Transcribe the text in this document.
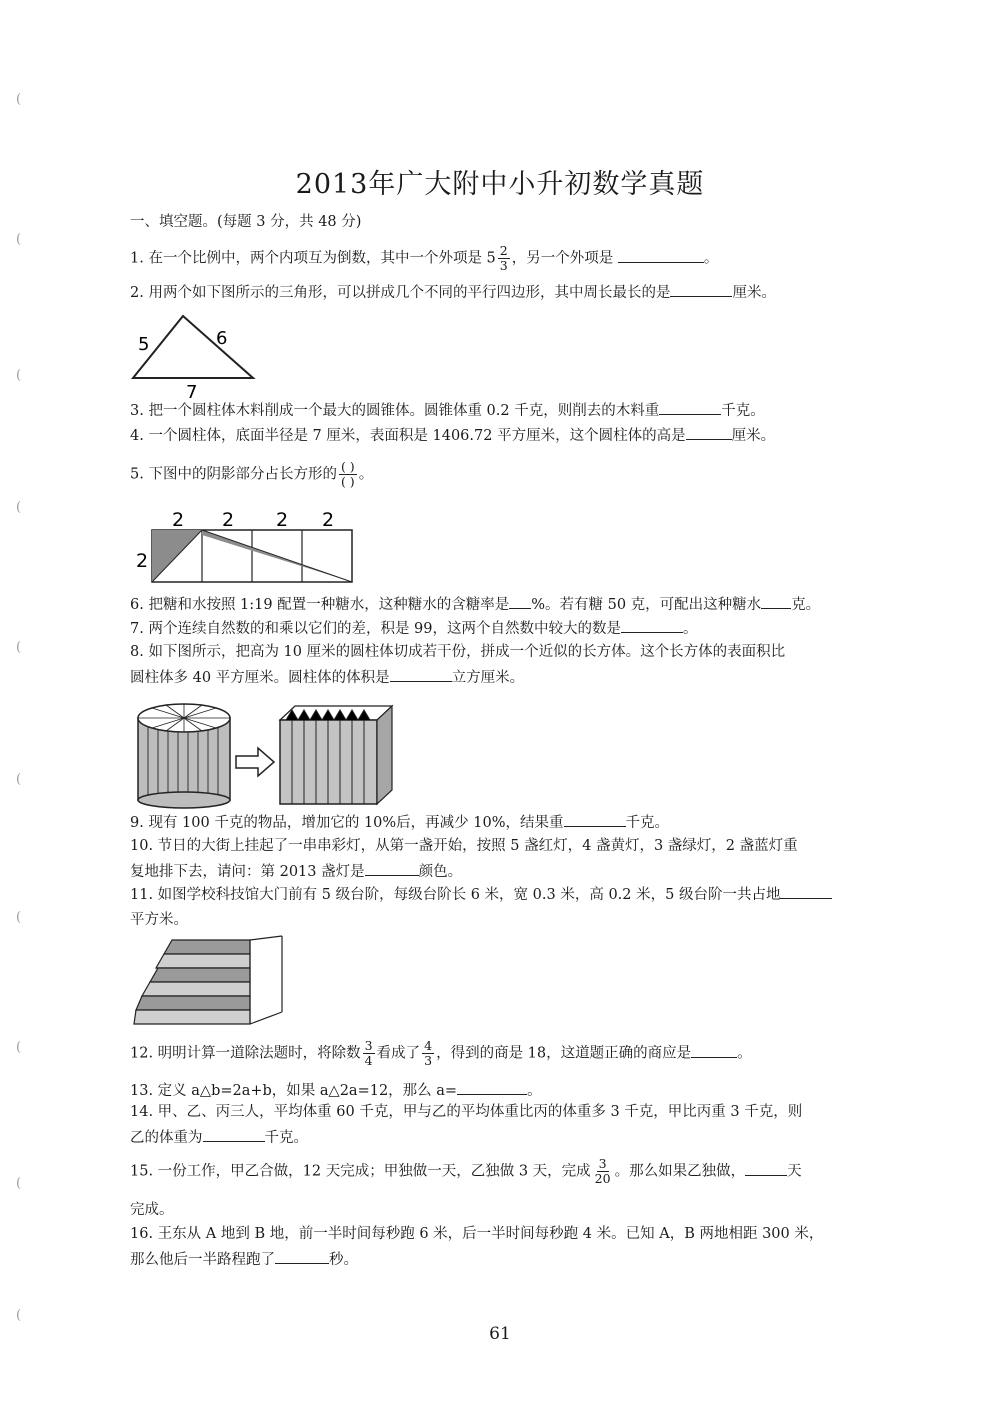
(
(
(
(
(
(
(
(
(
(
2013年广大附中小升初数学真题
一、填空题。(每题 3 分，共 48 分)
1. 在一个比例中，两个内项互为倒数，其中一个外项是 $5 \frac{2}{3}$ ，另一个外项是	。
2. 用两个如下图所示的三角形，可以拼成几个不同的平行四边形，其中周长最长的是	厘米。
5	6
7
3. 把一个圆柱体木料削成一个最大的圆锥体。圆锥体重 0.2 千克，则削去的木料重	千克。
4. 一个圆柱体，底面半径是 7 厘米，表面积是 1406.72 平方厘米，这个圆柱体的高是	厘米。
5. 下图中的阴影部分占长方形的 $\frac{( )}{( )}$ 。
2 2 2 2
2
6. 把糖和水按照 1:19 配置一种糖水，这种糖水的含糖率是 %。若有糖 50 克，可配出这种糖水 克。
7. 两个连续自然数的和乘以它们的差，积是 99，这两个自然数中较大的数是	。
8. 如下图所示，把高为 10 厘米的圆柱体切成若干份，拼成一个近似的长方体。这个长方体的表面积比
圆柱体多 40 平方厘米。圆柱体的体积是	立方厘米。
9. 现有 100 千克的物品，增加它的 10%后，再减少 10%，结果重	千克。
10. 节日的大街上挂起了一串串彩灯，从第一盏开始，按照 5 盏红灯，4 盏黄灯，3 盏绿灯，2 盏蓝灯重
复地排下去，请问：第 2013 盏灯是	颜色。
11. 如图学校科技馆大门前有 5 级台阶，每级台阶长 6 米，宽 0.3 米，高 0.2 米，5 级台阶一共占地
平方米。
12. 明明计算一道除法题时，将除数 $\frac{3}{4}$ 看成了 $\frac{4}{3}$ ，得到的商是 18，这道题正确的商应是	。
13. 定义 a△b=2a+b，如果 a△2a=12，那么 a=	。
14. 甲、乙、丙三人，平均体重 60 千克，甲与乙的平均体重比丙的体重多 3 千克，甲比丙重 3 千克，则
乙的体重为	千克。
15. 一份工作，甲乙合做，12 天完成；甲独做一天，乙独做 3 天，完成 $\frac{3}{20}$ 。那么如果乙独做，	天
完成。
16. 王东从 A 地到 B 地，前一半时间每秒跑 6 米，后一半时间每秒跑 4 米。已知 A，B 两地相距 300 米，
那么他后一半路程跑了	秒。
61
